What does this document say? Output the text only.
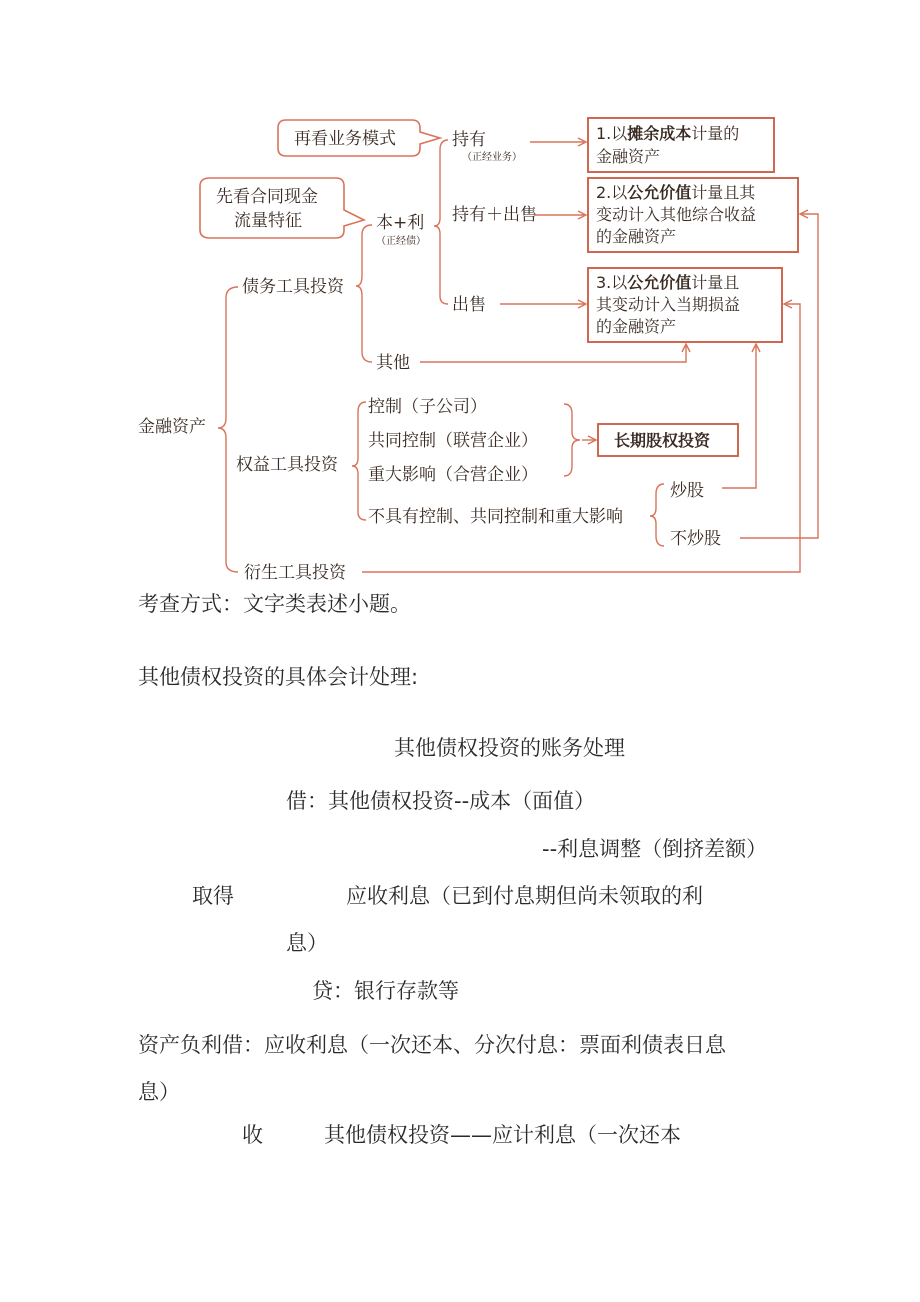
再看业务模式
先看合同现金
流量特征
金融资产
债务工具投资
权益工具投资
衍生工具投资
本+利
（正经债）
其他
持有
（正经业务）
持有＋出售
出售
1.以摊余成本计量的
金融资产
2.以公允价值计量且其
变动计入其他综合收益
的金融资产
3.以公允价值计量且
其变动计入当期损益
的金融资产
控制（子公司）
共同控制（联营企业）
重大影响（合营企业）
不具有控制、共同控制和重大影响
长期股权投资
炒股
不炒股
考查方式：文字类表述小题。
其他债权投资的具体会计处理:
其他债权投资的账务处理
借：其他债权投资--成本（面值）
--利息调整（倒挤差额）
取得	应收利息（已到付息期但尚未领取的利
息）
贷：银行存款等
资产负利借：应收利息（一次还本、分次付息：票面利债表日息
息）
收	其他债权投资——应计利息（一次还本
